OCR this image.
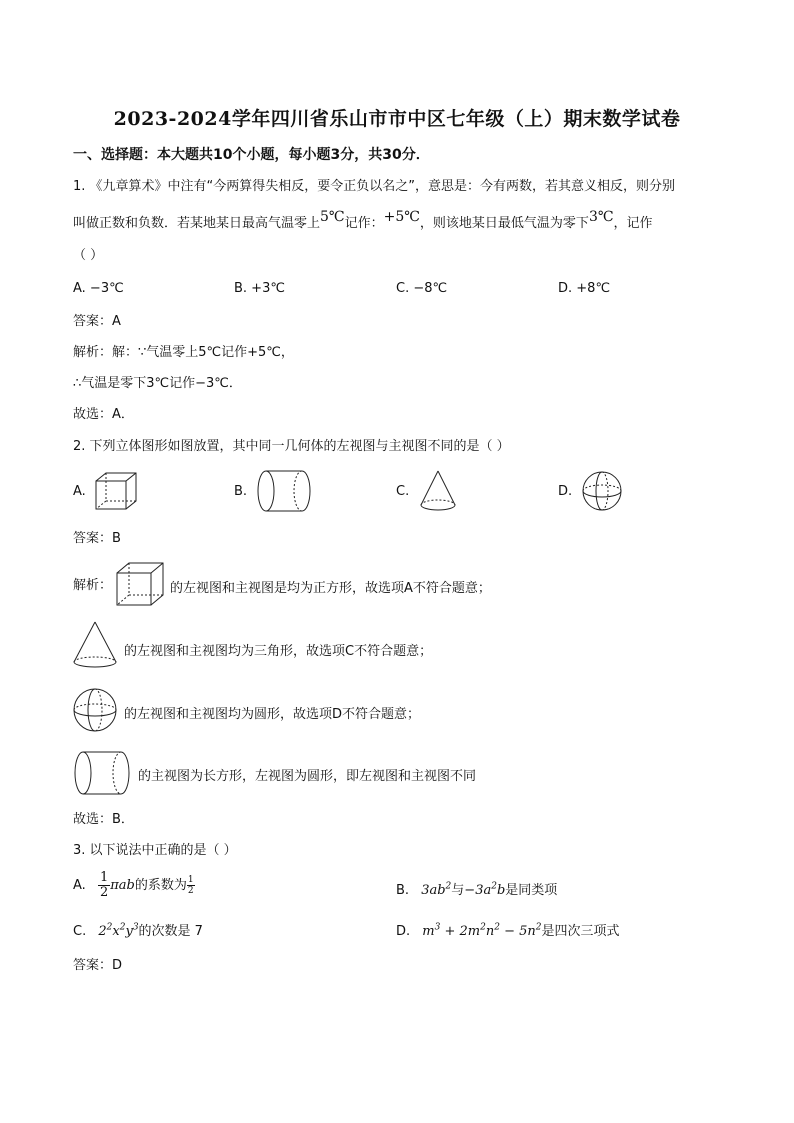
2023-2024学年四川省乐山市市中区七年级（上）期末数学试卷
一、选择题：本大题共10个小题，每小题3分，共30分．
1. 《九章算术》中注有“今两算得失相反，要令正负以名之”，意思是：今有两数，若其意义相反，则分别
叫做正数和负数．若某地某日最高气温零上5℃记作：+5℃，则该地某日最低气温为零下3℃，记作
（ ）
A. −3℃	B. +3℃	C. −8℃	D. +8℃
答案：A
解析：解：∵气温零上5℃记作+5℃，
∴气温是零下3℃记作−3℃．
故选：A．
2. 下列立体图形如图放置，其中同一几何体的左视图与主视图不同的是（ ）
A.	B.	C.	D.
答案：B
解析：	的左视图和主视图是均为正方形，故选项A不符合题意；
的左视图和主视图均为三角形，故选项C不符合题意；
的左视图和主视图均为圆形，故选项D不符合题意；
的主视图为长方形，左视图为圆形，即左视图和主视图不同
故选：B．
3. 以下说法中正确的是（ ）
A. $\frac{1}{2}$ πab的系数为 $\frac{1}{2}$	B. $3ab^2$与$-3a^2b$是同类项
C. $2^2x^2y^3$的次数是 7	D. $m^3 + 2m^2n^2 - 5n^2$是四次三项式
答案：D
